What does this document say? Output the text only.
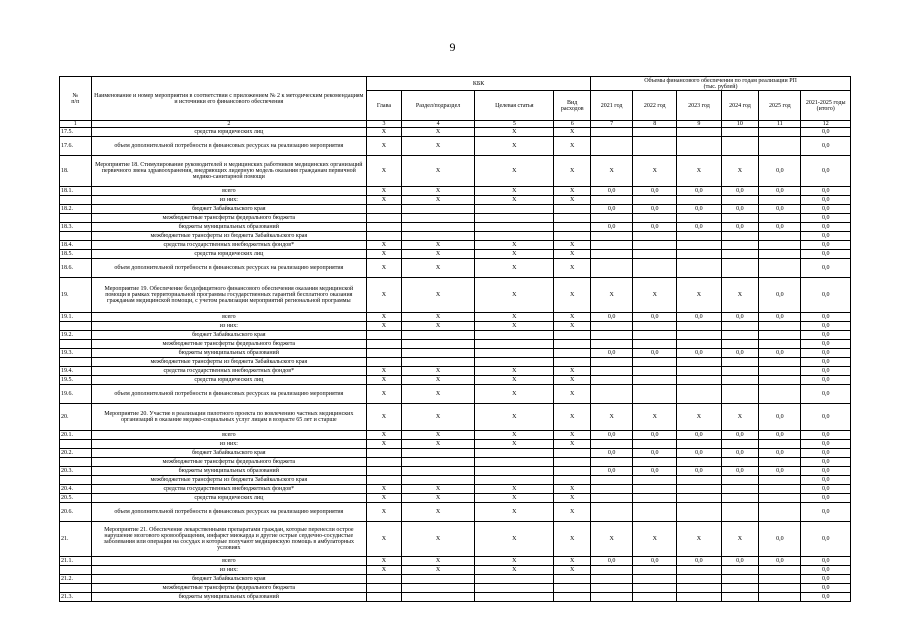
9
№
п/п	Наименование и номер мероприятия в соответствии с приложением № 2 к методическим рекомендациям и источники его финансового обеспечения	КБК				Объемы финансового обеспечения по годам реализации РП
(тыс. рублей)					
		Глава	Раздел/подраздел	Целевая статья	Вид расходов	2021 год	2022 год	2023 год	2024 год	2025 год	2021-2025 годы (итого)
1	2	3	4	5	6	7	8	9	10	11	12
17.5.	средства юридических лиц	X	X	X	X						0,0
17.6.	объем дополнительной потребности в финансовых ресурсах на реализацию мероприятия	X	X	X	X						0,0
18.	Мероприятие 18. Стимулирование руководителей и медицинских работников медицинских организаций первичного звена здравоохранения, внедряющих лидерную модель оказания гражданам первичной медико-санитарной помощи	X	X	X	X	X	X	X	X	0,0	0,0
18.1.	всего	X	X	X	X	0,0	0,0	0,0	0,0	0,0	0,0
	из них:	X	X	X	X						0,0
18.2.	бюджет Забайкальского края					0,0	0,0	0,0	0,0	0,0	0,0
	межбюджетные трансферты федерального бюджета										0,0
18.3.	бюджеты муниципальных образований					0,0	0,0	0,0	0,0	0,0	0,0
	межбюджетные трансферты из бюджета Забайкальского края										0,0
18.4.	средства государственных внебюджетных фондов*	X	X	X	X						0,0
18.5.	средства юридических лиц	X	X	X	X						0,0
18.6.	объем дополнительной потребности в финансовых ресурсах на реализацию мероприятия	X	X	X	X						0,0
19.	Мероприятие 19. Обеспечение бездефицитного финансового обеспечения оказания медицинской помощи в рамках территориальной программы государственных гарантий бесплатного оказания гражданам медицинской помощи, с учетом реализации мероприятий региональной программы	X	X	X	X	X	X	X	X	0,0	0,0
19.1.	всего	X	X	X	X	0,0	0,0	0,0	0,0	0,0	0,0
	из них:	X	X	X	X						0,0
19.2.	бюджет Забайкальского края										0,0
	межбюджетные трансферты федерального бюджета										0,0
19.3.	бюджеты муниципальных образований					0,0	0,0	0,0	0,0	0,0	0,0
	межбюджетные трансферты из бюджета Забайкальского края										0,0
19.4.	средства государственных внебюджетных фондов*	X	X	X	X						0,0
19.5.	средства юридических лиц	X	X	X	X						0,0
19.6.	объем дополнительной потребности в финансовых ресурсах на реализацию мероприятия	X	X	X	X						0,0
20.	Мероприятие 20. Участие в реализации пилотного проекта по вовлечению частных медицинских организаций в оказание медико-социальных услуг лицам в возрасте 65 лет и старше	X	X	X	X	X	X	X	X	0,0	0,0
20.1.	всего	X	X	X	X	0,0	0,0	0,0	0,0	0,0	0,0
	из них:	X	X	X	X						0,0
20.2.	бюджет Забайкальского края					0,0	0,0	0,0	0,0	0,0	0,0
	межбюджетные трансферты федерального бюджета										0,0
20.3.	бюджеты муниципальных образований					0,0	0,0	0,0	0,0	0,0	0,0
	межбюджетные трансферты из бюджета Забайкальского края										0,0
20.4.	средства государственных внебюджетных фондов*	X	X	X	X						0,0
20.5.	средства юридических лиц	X	X	X	X						0,0
20.6.	объем дополнительной потребности в финансовых ресурсах на реализацию мероприятия	X	X	X	X						0,0
21.	Мероприятие 21. Обеспечение лекарственными препаратами граждан, которые перенесли острое нарушение мозгового кровообращения, инфаркт миокарда и другие острые сердечно-сосудистые заболевания или операции на сосудах и которые получают медицинскую помощь в амбулаторных условиях	X	X	X	X	X	X	X	X	0,0	0,0
21.1.	всего	X	X	X	X	0,0	0,0	0,0	0,0	0,0	0,0
	из них:	X	X	X	X						0,0
21.2.	бюджет Забайкальского края										0,0
	межбюджетные трансферты федерального бюджета										0,0
21.3.	бюджеты муниципальных образований										0,0
